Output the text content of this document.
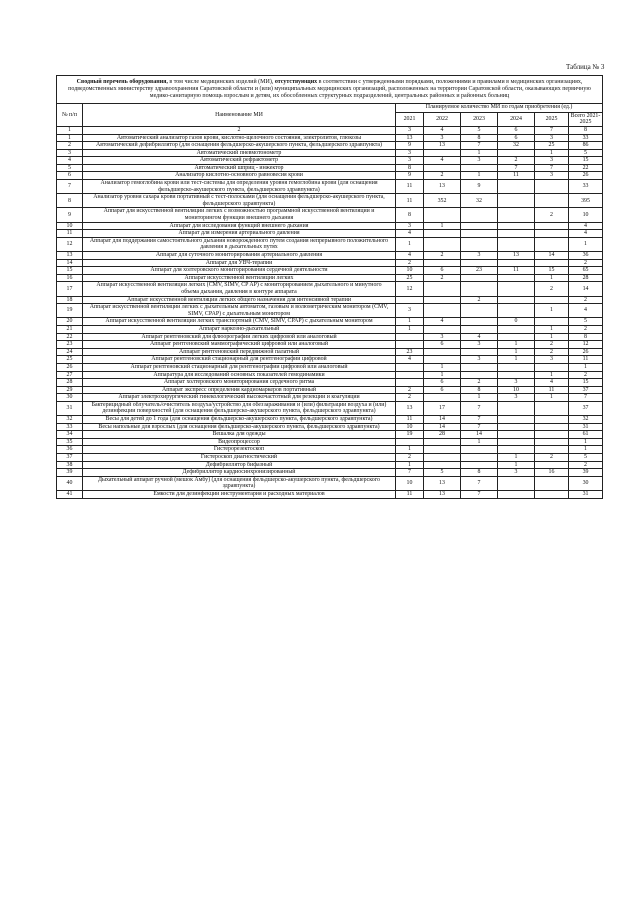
Таблица № 3
Сводный перечень оборудования, в том числе медицинских изделий (МИ), отсутствующих в соответствии с утвержденными порядками, положениями и правилами в медицинских организациях, подведомственных министерству здравоохранения Саратовской области и (или) муниципальных медицинских организаций, расположенных на территории Саратовской области, оказывающих первичную медико-санитарную помощь взрослым и детям, их обособленных структурных подразделений, центральных районных и районных больниц							
№ п/п	Наименование МИ	Планируемое количество МИ по годам приобретения (ед.)					
		2021	2022	2023	2024	2025	Всего 2021-2025
1	2	3	4	5	6	7	8
1	Автоматический анализатор газов крови, кислотно-щелочного состояния, электролитов, глюкозы	13	3	8	6	3	33
2	Автоматический дефибриллятор (для оснащения фельдшерско-акушерского пункта, фельдшерского здравпункта)	9	13	7	32	25	86
3	Автоматический пневмотонометр	3		1		1	5
4	Автоматический рефрактометр	3	4	3	2	3	15
5	Автоматический шприц - инжектор	8			7	7	22
6	Анализатор кислотно-основного равновесия крови	9	2	1	11	3	26
7	Анализатор гемоглобина крови или тест-системы для определения уровня гемоглобина крови (для оснащения фельдшерско-акушерского пункта, фельдшерского здравпункта)	11	13	9			33
8	Анализатор уровня сахара крови портативный с тест-полосками (для оснащения фельдшерско-акушерского пункта, фельдшерского здравпункта)	11	352	32			395
9	Аппарат для искусственной вентиляции легких с возможностью программной искусственной вентиляции и мониторингом функции внешнего дыхания	8				2	10
10	Аппарат для исследования функций внешнего дыхания	3	1				4
11	Аппарат для измерения артериального давления	4					4
12	Аппарат для поддержания самостоятельного дыхания новорожденного путем создания непрерывного положительного давления в дыхательных путях	1					1
13	Аппарат для суточного мониторирования артериального давления	4	2	3	13	14	36
14	Аппарат для УВЧ-терапии	2					2
15	Аппарат для холтеровского мониторирования сердечной деятельности	10	6	23	11	15	65
16	Аппарат искусственной вентиляции легких	25	2			1	28
17	Аппарат искусственной вентиляции легких (CMV, SIMV, CP AP) с мониторированием дыхательного и минутного объема дыхания, давления в контуре аппарата	12				2	14
18	Аппарат искусственной вентиляции легких общего назначения для интенсивной терапии			2			2
19	Аппарат искусственной вентиляции легких с дыхательным автоматом, газовым и волюметрическим монитором (CMV, SIMV, CPAP) с дыхательным монитором	3				1	4
20	Аппарат искусственной вентиляции легких транспортный (CMV, SIMV, CPAP) с дыхательным монитором	1	4		0		5
21	Аппарат наркозно-дыхательный	1				1	2
22	Аппарат рентгеновский для флюорографии легких цифровой или аналоговый		3	4		1	8
23	Аппарат рентгеновский маммографический цифровой или аналоговый		6	3	1	2	12
24	Аппарат рентгеновский передвижной палатный	23			1	2	26
25	Аппарат рентгеновский стационарный для рентгенографии цифровой	4		3	1	3	11
26	Аппарат рентгеновский стационарный для рентгенографии цифровой или аналоговый		1				1
27	Аппаратура для исследований основных показателей гемодинамики		1			1	2
28	Аппарат холтеровского мониторирования сердечного ритма		6	2	3	4	15
29	Аппарат экспресс определения кардиомаркеров портативный	2	6	8	10	11	37
30	Аппарат электрохирургический гинекологический высокочастотный для резекции и коагуляции	2		1	3	1	7
31	Бактерицидный облучатель/очиститель воздуха/устройство для обеззараживания и (или) фильтрации воздуха и (или) дезинфекции поверхностей (для оснащения фельдшерско-акушерского пункта, фельдшерского здравпункта)	13	17	7			37
32	Весы для детей до 1 года (для оснащения фельдшерско-акушерского пункта, фельдшерского здравпункта)	11	14	7			32
33	Весы напольные для взрослых (для оснащения фельдшерско-акушерского пункта, фельдшерского здравпункта)	10	14	7			31
34	Вешалка для одежды	19	28	14			61
35	Видеопроцессор			1			1
36	Гистерорезектоскоп	1					1
37	Гистероскоп диагностический	2			1	2	5
38	Дефибриллятор бифазный	1			1		2
39	Дефибриллятор кардиосинхронизированный	7	5	8	3	16	39
40	Дыхательный аппарат ручной (мешок Амбу) (для оснащения фельдшерско-акушерского пункта, фельдшерского здравпункта)	10	13	7			30
41	Емкости для дезинфекции инструментария и расходных материалов	11	13	7			31
